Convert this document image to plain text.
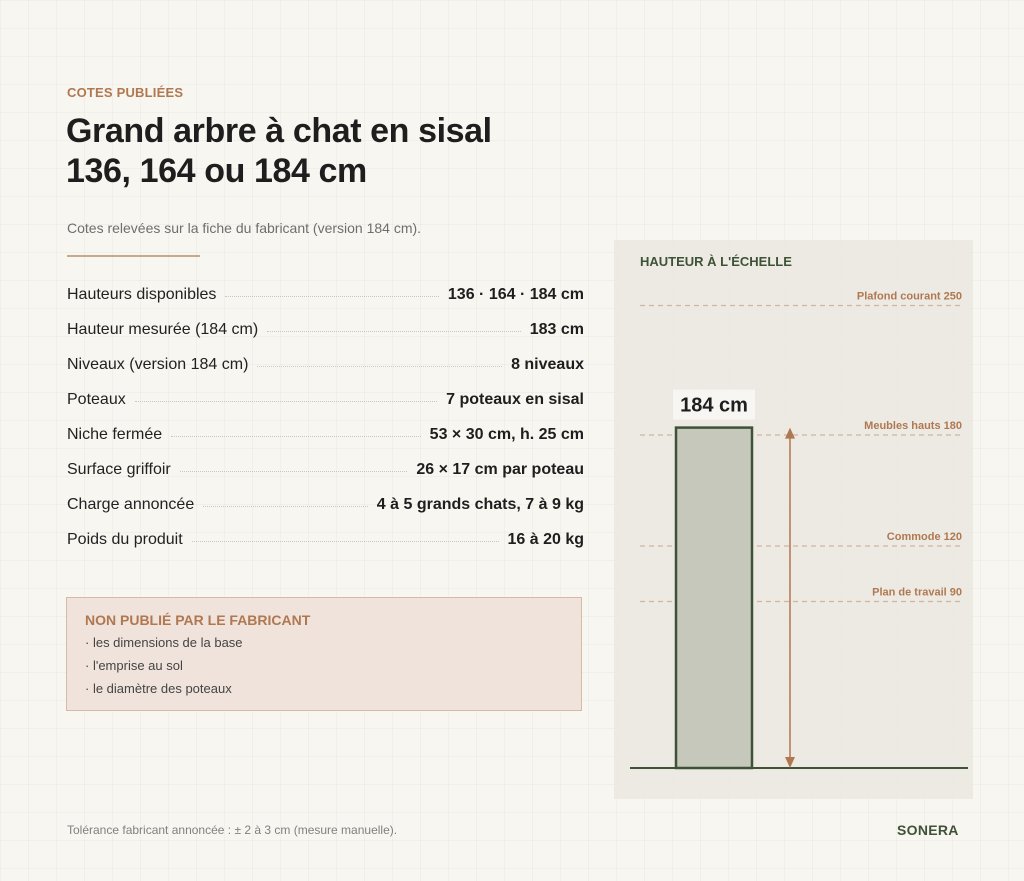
COTES PUBLIÉES
Grand arbre à chat en sisal
136, 164 ou 184 cm
Cotes relevées sur la fiche du fabricant (version 184 cm).
Hauteurs disponibles	136 · 164 · 184 cm
Hauteur mesurée (184 cm)	183 cm
Niveaux (version 184 cm)	8 niveaux
Poteaux	7 poteaux en sisal
Niche fermée	53 × 30 cm, h. 25 cm
Surface griffoir	26 × 17 cm par poteau
Charge annoncée	4 à 5 grands chats, 7 à 9 kg
Poids du produit	16 à 20 kg
NON PUBLIÉ PAR LE FABRICANT
· les dimensions de la base
· l'emprise au sol
· le diamètre des poteaux
HAUTEUR À L'ÉCHELLE
Plafond courant 250
Meubles hauts 180
Commode 120
Plan de travail 90
184 cm
Tolérance fabricant annoncée : ± 2 à 3 cm (mesure manuelle).	SONERA
